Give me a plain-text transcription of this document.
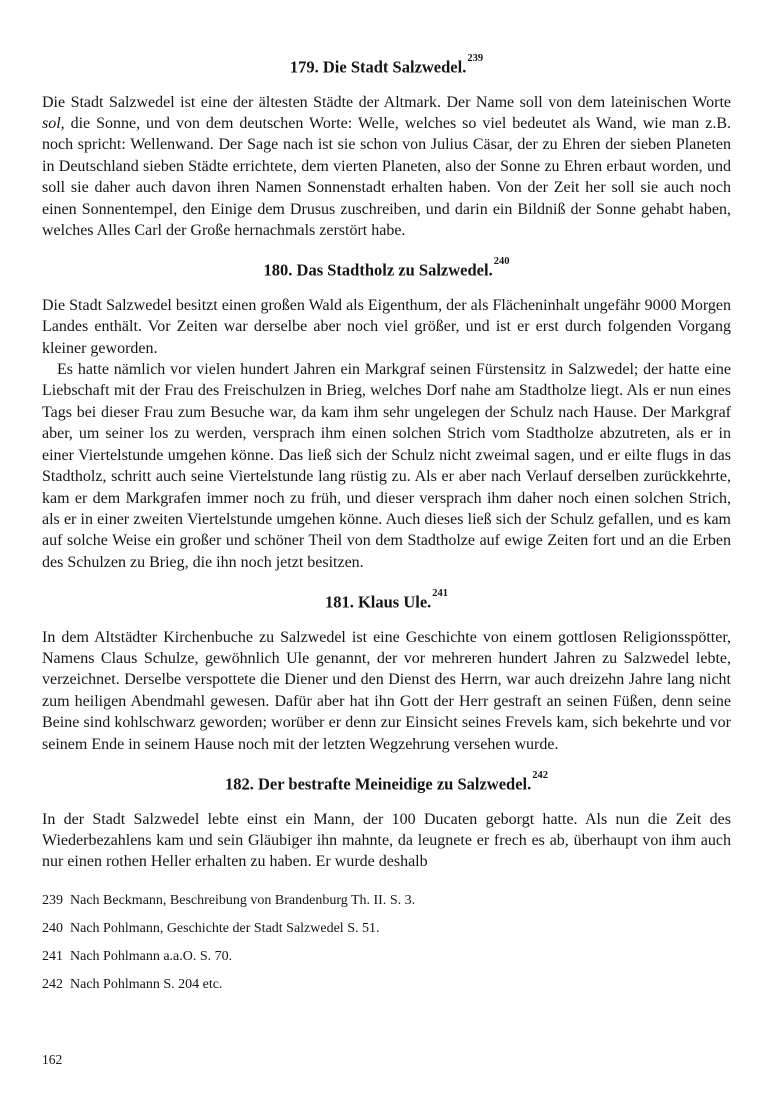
179. Die Stadt Salzwedel.$^{239}$

Die Stadt Salzwedel ist eine der ältesten Städte der Altmark. Der Name soll von dem lateinischen Worte sol, die Sonne, und von dem deutschen Worte: Welle, welches so viel bedeutet als Wand, wie man z.B. noch spricht: Wellenwand. Der Sage nach ist sie schon von Julius Cäsar, der zu Ehren der sieben Planeten in Deutschland sieben Städte errichtete, dem vierten Planeten, also der Sonne zu Ehren erbaut worden, und soll sie daher auch davon ihren Namen Sonnenstadt erhalten haben. Von der Zeit her soll sie auch noch einen Sonnentempel, den Einige dem Drusus zuschreiben, und darin ein Bildniß der Sonne gehabt haben, welches Alles Carl der Große hernachmals zerstört habe.

180. Das Stadtholz zu Salzwedel.$^{240}$

Die Stadt Salzwedel besitzt einen großen Wald als Eigenthum, der als Flächeninhalt ungefähr 9000 Morgen Landes enthält. Vor Zeiten war derselbe aber noch viel größer, und ist er erst durch folgenden Vorgang kleiner geworden.

Es hatte nämlich vor vielen hundert Jahren ein Markgraf seinen Fürstensitz in Salzwedel; der hatte eine Liebschaft mit der Frau des Freischulzen in Brieg, welches Dorf nahe am Stadtholze liegt. Als er nun eines Tags bei dieser Frau zum Besuche war, da kam ihm sehr ungelegen der Schulz nach Hause. Der Markgraf aber, um seiner los zu werden, versprach ihm einen solchen Strich vom Stadtholze abzutreten, als er in einer Viertelstunde umgehen könne. Das ließ sich der Schulz nicht zweimal sagen, und er eilte flugs in das Stadtholz, schritt auch seine Viertelstunde lang rüstig zu. Als er aber nach Verlauf derselben zurückkehrte, kam er dem Markgrafen immer noch zu früh, und dieser versprach ihm daher noch einen solchen Strich, als er in einer zweiten Viertelstunde umgehen könne. Auch dieses ließ sich der Schulz gefallen, und es kam auf solche Weise ein großer und schöner Theil von dem Stadtholze auf ewige Zeiten fort und an die Erben des Schulzen zu Brieg, die ihn noch jetzt besitzen.

181. Klaus Ule.$^{241}$

In dem Altstädter Kirchenbuche zu Salzwedel ist eine Geschichte von einem gottlosen Religionsspötter, Namens Claus Schulze, gewöhnlich Ule genannt, der vor mehreren hundert Jahren zu Salzwedel lebte, verzeichnet. Derselbe verspottete die Diener und den Dienst des Herrn, war auch dreizehn Jahre lang nicht zum heiligen Abendmahl gewesen. Dafür aber hat ihn Gott der Herr gestraft an seinen Füßen, denn seine Beine sind kohlschwarz geworden; worüber er denn zur Einsicht seines Frevels kam, sich bekehrte und vor seinem Ende in seinem Hause noch mit der letzten Wegzehrung versehen wurde.

182. Der bestrafte Meineidige zu Salzwedel.$^{242}$

In der Stadt Salzwedel lebte einst ein Mann, der 100 Ducaten geborgt hatte. Als nun die Zeit des Wiederbezahlens kam und sein Gläubiger ihn mahnte, da leugnete er frech es ab, überhaupt von ihm auch nur einen rothen Heller erhalten zu haben. Er wurde deshalb

239 Nach Beckmann, Beschreibung von Brandenburg Th. II. S. 3.
240 Nach Pohlmann, Geschichte der Stadt Salzwedel S. 51.
241 Nach Pohlmann a.a.O. S. 70.
242 Nach Pohlmann S. 204 etc.
162
